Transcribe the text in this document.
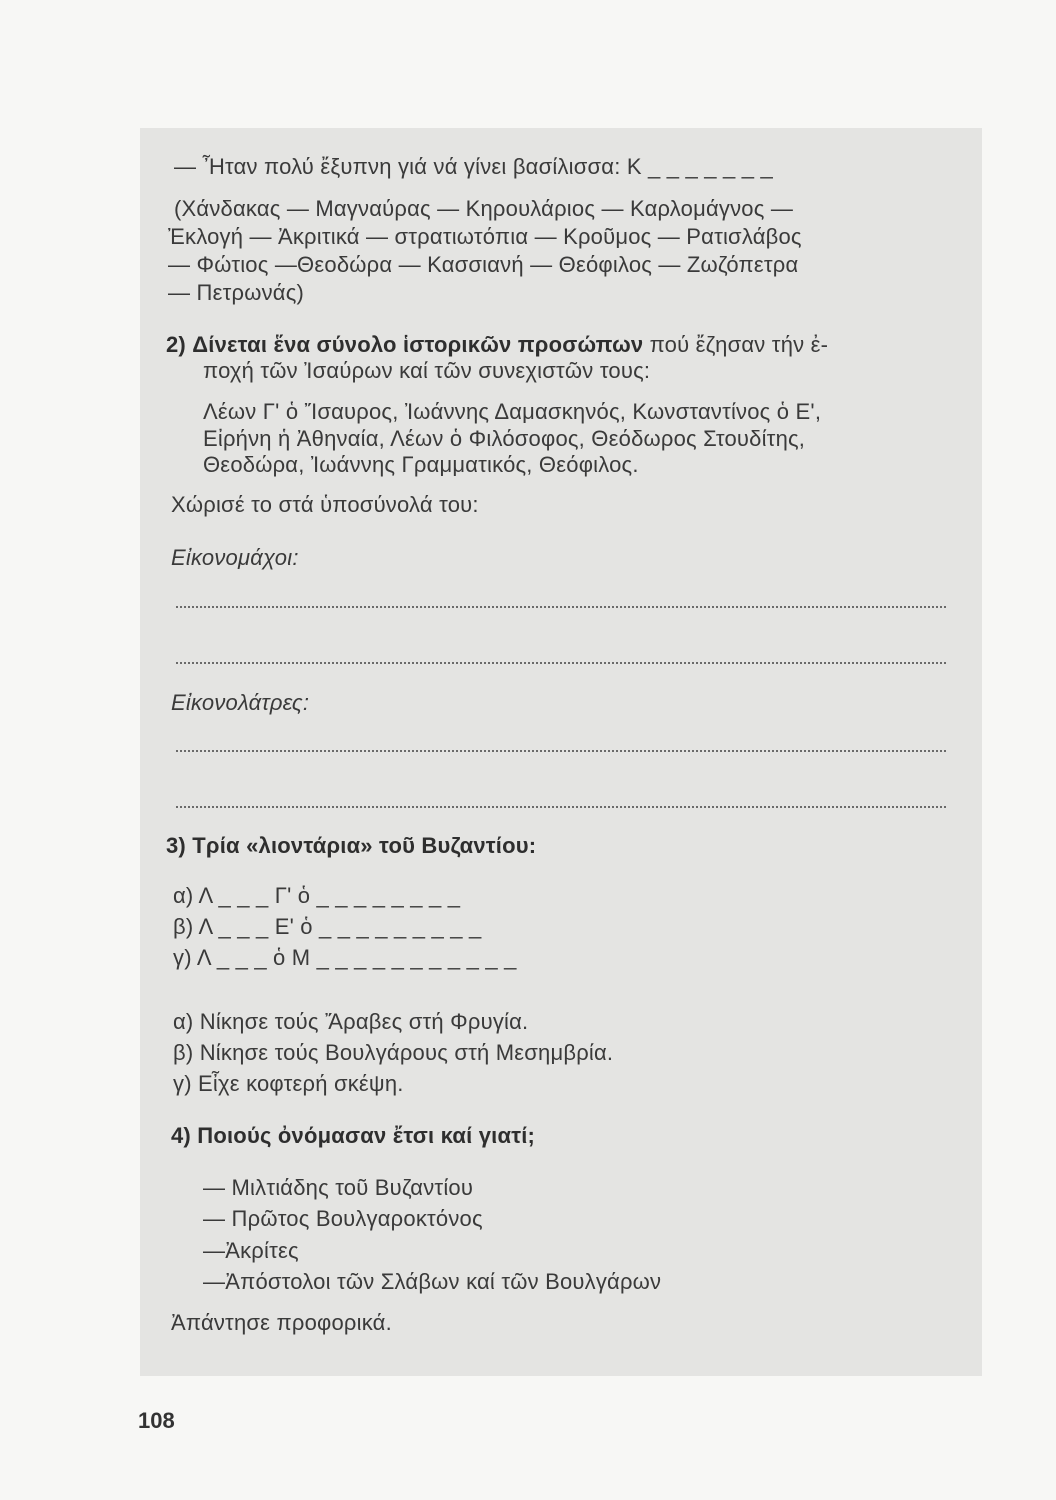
— Ἦταν πολύ ἔξυπνη γιά νά γίνει βασίλισσα: Κ _ _ _ _ _ _ _
(Χάνδακας — Μαγναύρας — Κηρουλάριος — Καρλομάγνος —
Ἐκλογή — Ἀκριτικά — στρατιωτόπια — Κροῦμος — Ρατισλάβος
— Φώτιος —Θεοδώρα — Κασσιανή — Θεόφιλος — Ζωζόπετρα
— Πετρωνάς)
2) Δίνεται ἕνα σύνολο ἱστορικῶν προσώπων πού ἔζησαν τήν ἐ-
ποχή τῶν Ἰσαύρων καί τῶν συνεχιστῶν τους:
Λέων Γ' ὁ Ἴσαυρος, Ἰωάννης Δαμασκηνός, Κωνσταντίνος ὁ Ε',
Εἰρήνη ἡ Ἀθηναία, Λέων ὁ Φιλόσοφος, Θεόδωρος Στουδίτης,
Θεοδώρα, Ἰωάννης Γραμματικός, Θεόφιλος.
Χώρισέ το στά ὑποσύνολά του:
Εἰκονομάχοι:
Εἰκονολάτρες:
3) Τρία «λιοντάρια» τοῦ Βυζαντίου:
α) Λ _ _ _ Γ' ὁ _ _ _ _ _ _ _ _
β) Λ _ _ _ Ε' ὁ _ _ _ _ _ _ _ _ _
γ) Λ _ _ _ ὁ Μ _ _ _ _ _ _ _ _ _ _ _
α) Νίκησε τούς Ἄραβες στή Φρυγία.
β) Νίκησε τούς Βουλγάρους στή Μεσημβρία.
γ) Εἶχε κοφτερή σκέψη.
4) Ποιούς ὀνόμασαν ἔτσι καί γιατί;
— Μιλτιάδης τοῦ Βυζαντίου
— Πρῶτος Βουλγαροκτόνος
—Ἀκρίτες
—Ἀπόστολοι τῶν Σλάβων καί τῶν Βουλγάρων
Ἀπάντησε προφορικά.
108
